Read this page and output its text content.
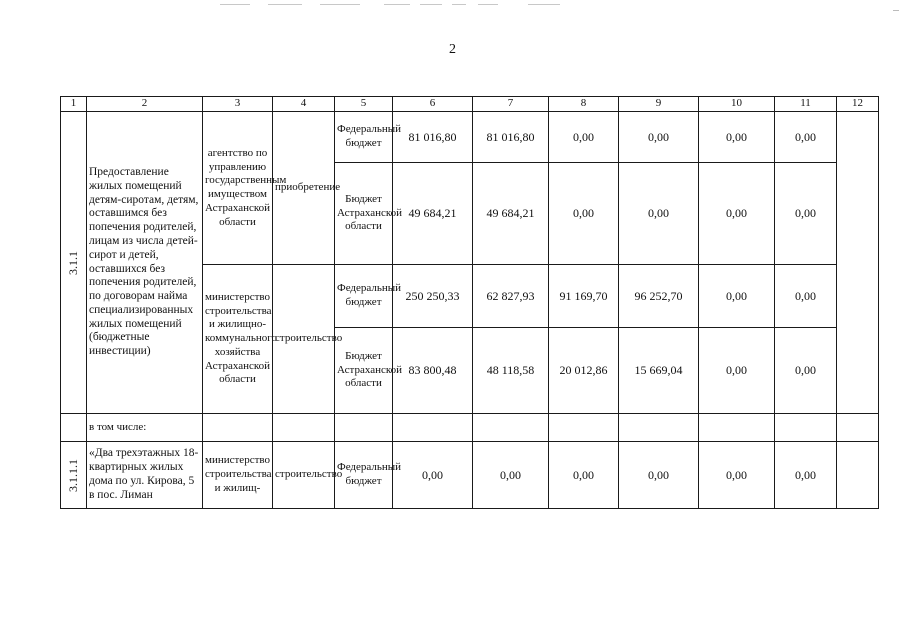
2
1	2	3	4	5	6	7	8	9	10	11	12

3.1.1	Предоставление жилых помещений детям-сиротам, детям, оставшимся без попечения родителей, лицам из числа детей-сирот и детей, оставшихся без попечения родителей, по договорам найма специализированных жилых помещений (бюджетные инвестиции)	агентство по управлению государственным имуществом Астраханской области	приобретение	Федеральный бюджет	81 016,80	81 016,80	0,00	0,00	0,00	0,00	
				Бюджет Астраханской области	49 684,21	49 684,21	0,00	0,00	0,00	0,00	
		министерство строительства и жилищно-коммунального хозяйства Астраханской области	строительство	Федеральный бюджет	250 250,33	62 827,93	91 169,70	96 252,70	0,00	0,00	
				Бюджет Астраханской области	83 800,48	48 118,58	20 012,86	15 669,04	0,00	0,00	
	в том числе:										

3.1.1.1	«Два трехэтажных 18-квартирных жилых дома по ул. Кирова, 5 в пос. Лиман	министерство строительства и жилищ-	строительство	Федеральный бюджет	0,00	0,00	0,00	0,00	0,00	0,00	
